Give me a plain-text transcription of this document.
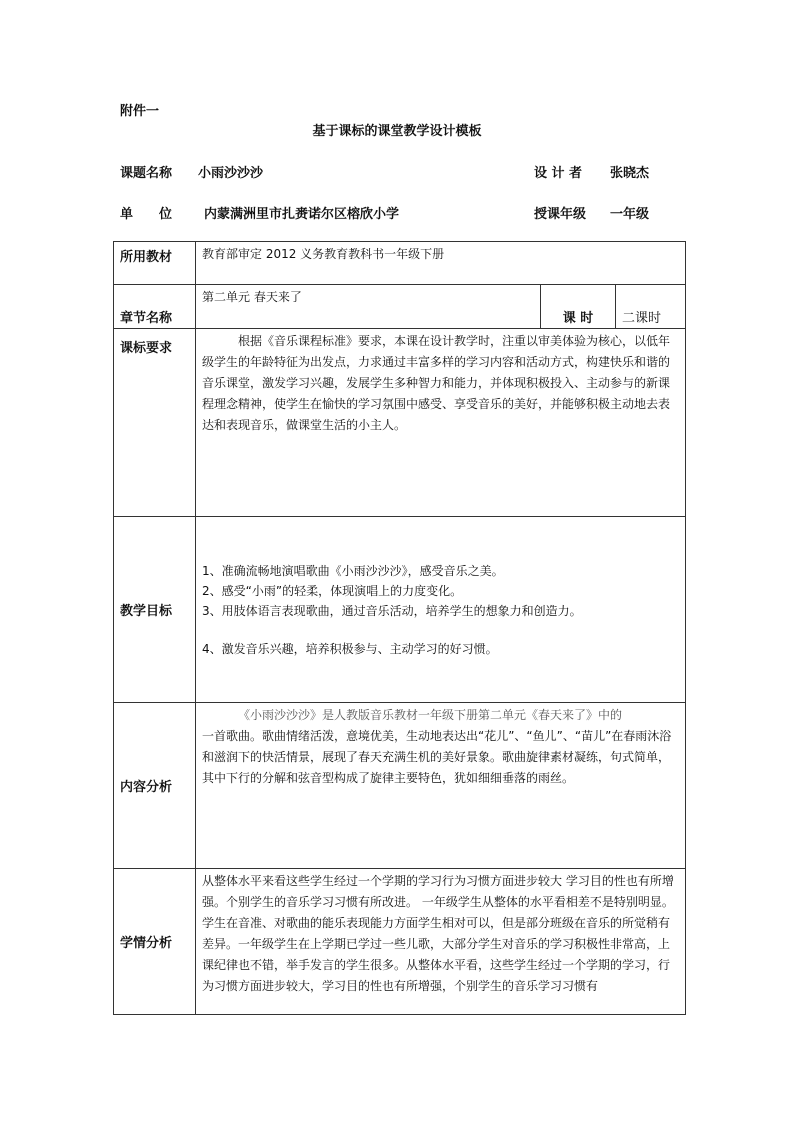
附件一
基于课标的课堂教学设计模板
课题名称 小雨沙沙沙	设 计 者 张晓杰
单　　位 内蒙满洲里市扎赉诺尔区榕欣小学	授课年级 一年级
所用教材	教育部审定 2012 义务教育教科书一年级下册		
章节名称	第二单元 春天来了	课 时	二课时
课标要求	根据《音乐课程标准》要求，本课在设计教学时，注重以审美体验为核心，以低年级学生的年龄特征为出发点，力求通过丰富多样的学习内容和活动方式，构建快乐和谐的音乐课堂，激发学习兴趣，发展学生多种智力和能力，并体现积极投入、主动参与的新课程理念精神，使学生在愉快的学习氛围中感受、享受音乐的美好，并能够积极主动地去表达和表现音乐，做课堂生活的小主人。		

教学目标	1、准确流畅地演唱歌曲《小雨沙沙沙》，感受音乐之美。

2、感受“小雨”的轻柔，体现演唱上的力度变化。

3、用肢体语言表现歌曲，通过音乐活动，培养学生的想象力和创造力。

4、激发音乐兴趣，培养积极参与、主动学习的好习惯。		

内容分析	《小雨沙沙沙》是人教版音乐教材一年级下册第二单元《春天来了》中的

一首歌曲。歌曲情绪活泼，意境优美，生动地表达出“花儿”、“鱼儿”、“苗儿”在春雨沐浴和滋润下的快活情景，展现了春天充满生机的美好景象。歌曲旋律素材凝练，句式简单，其中下行的分解和弦音型构成了旋律主要特色，犹如细细垂落的雨丝。		

学情分析	从整体水平来看这些学生经过一个学期的学习行为习惯方面进步较大 学习目的性也有所增强。个别学生的音乐学习习惯有所改进。 一年级学生从整体的水平看相差不是特别明显。学生在音准、对歌曲的能乐表现能力方面学生相对可以，但是部分班级在音乐的所觉稍有差异。一年级学生在上学期已学过一些儿歌，大部分学生对音乐的学习积极性非常高，上课纪律也不错，举手发言的学生很多。从整体水平看，这些学生经过一个学期的学习，行为习惯方面进步较大，学习目的性也有所增强，个别学生的音乐学习习惯有		
